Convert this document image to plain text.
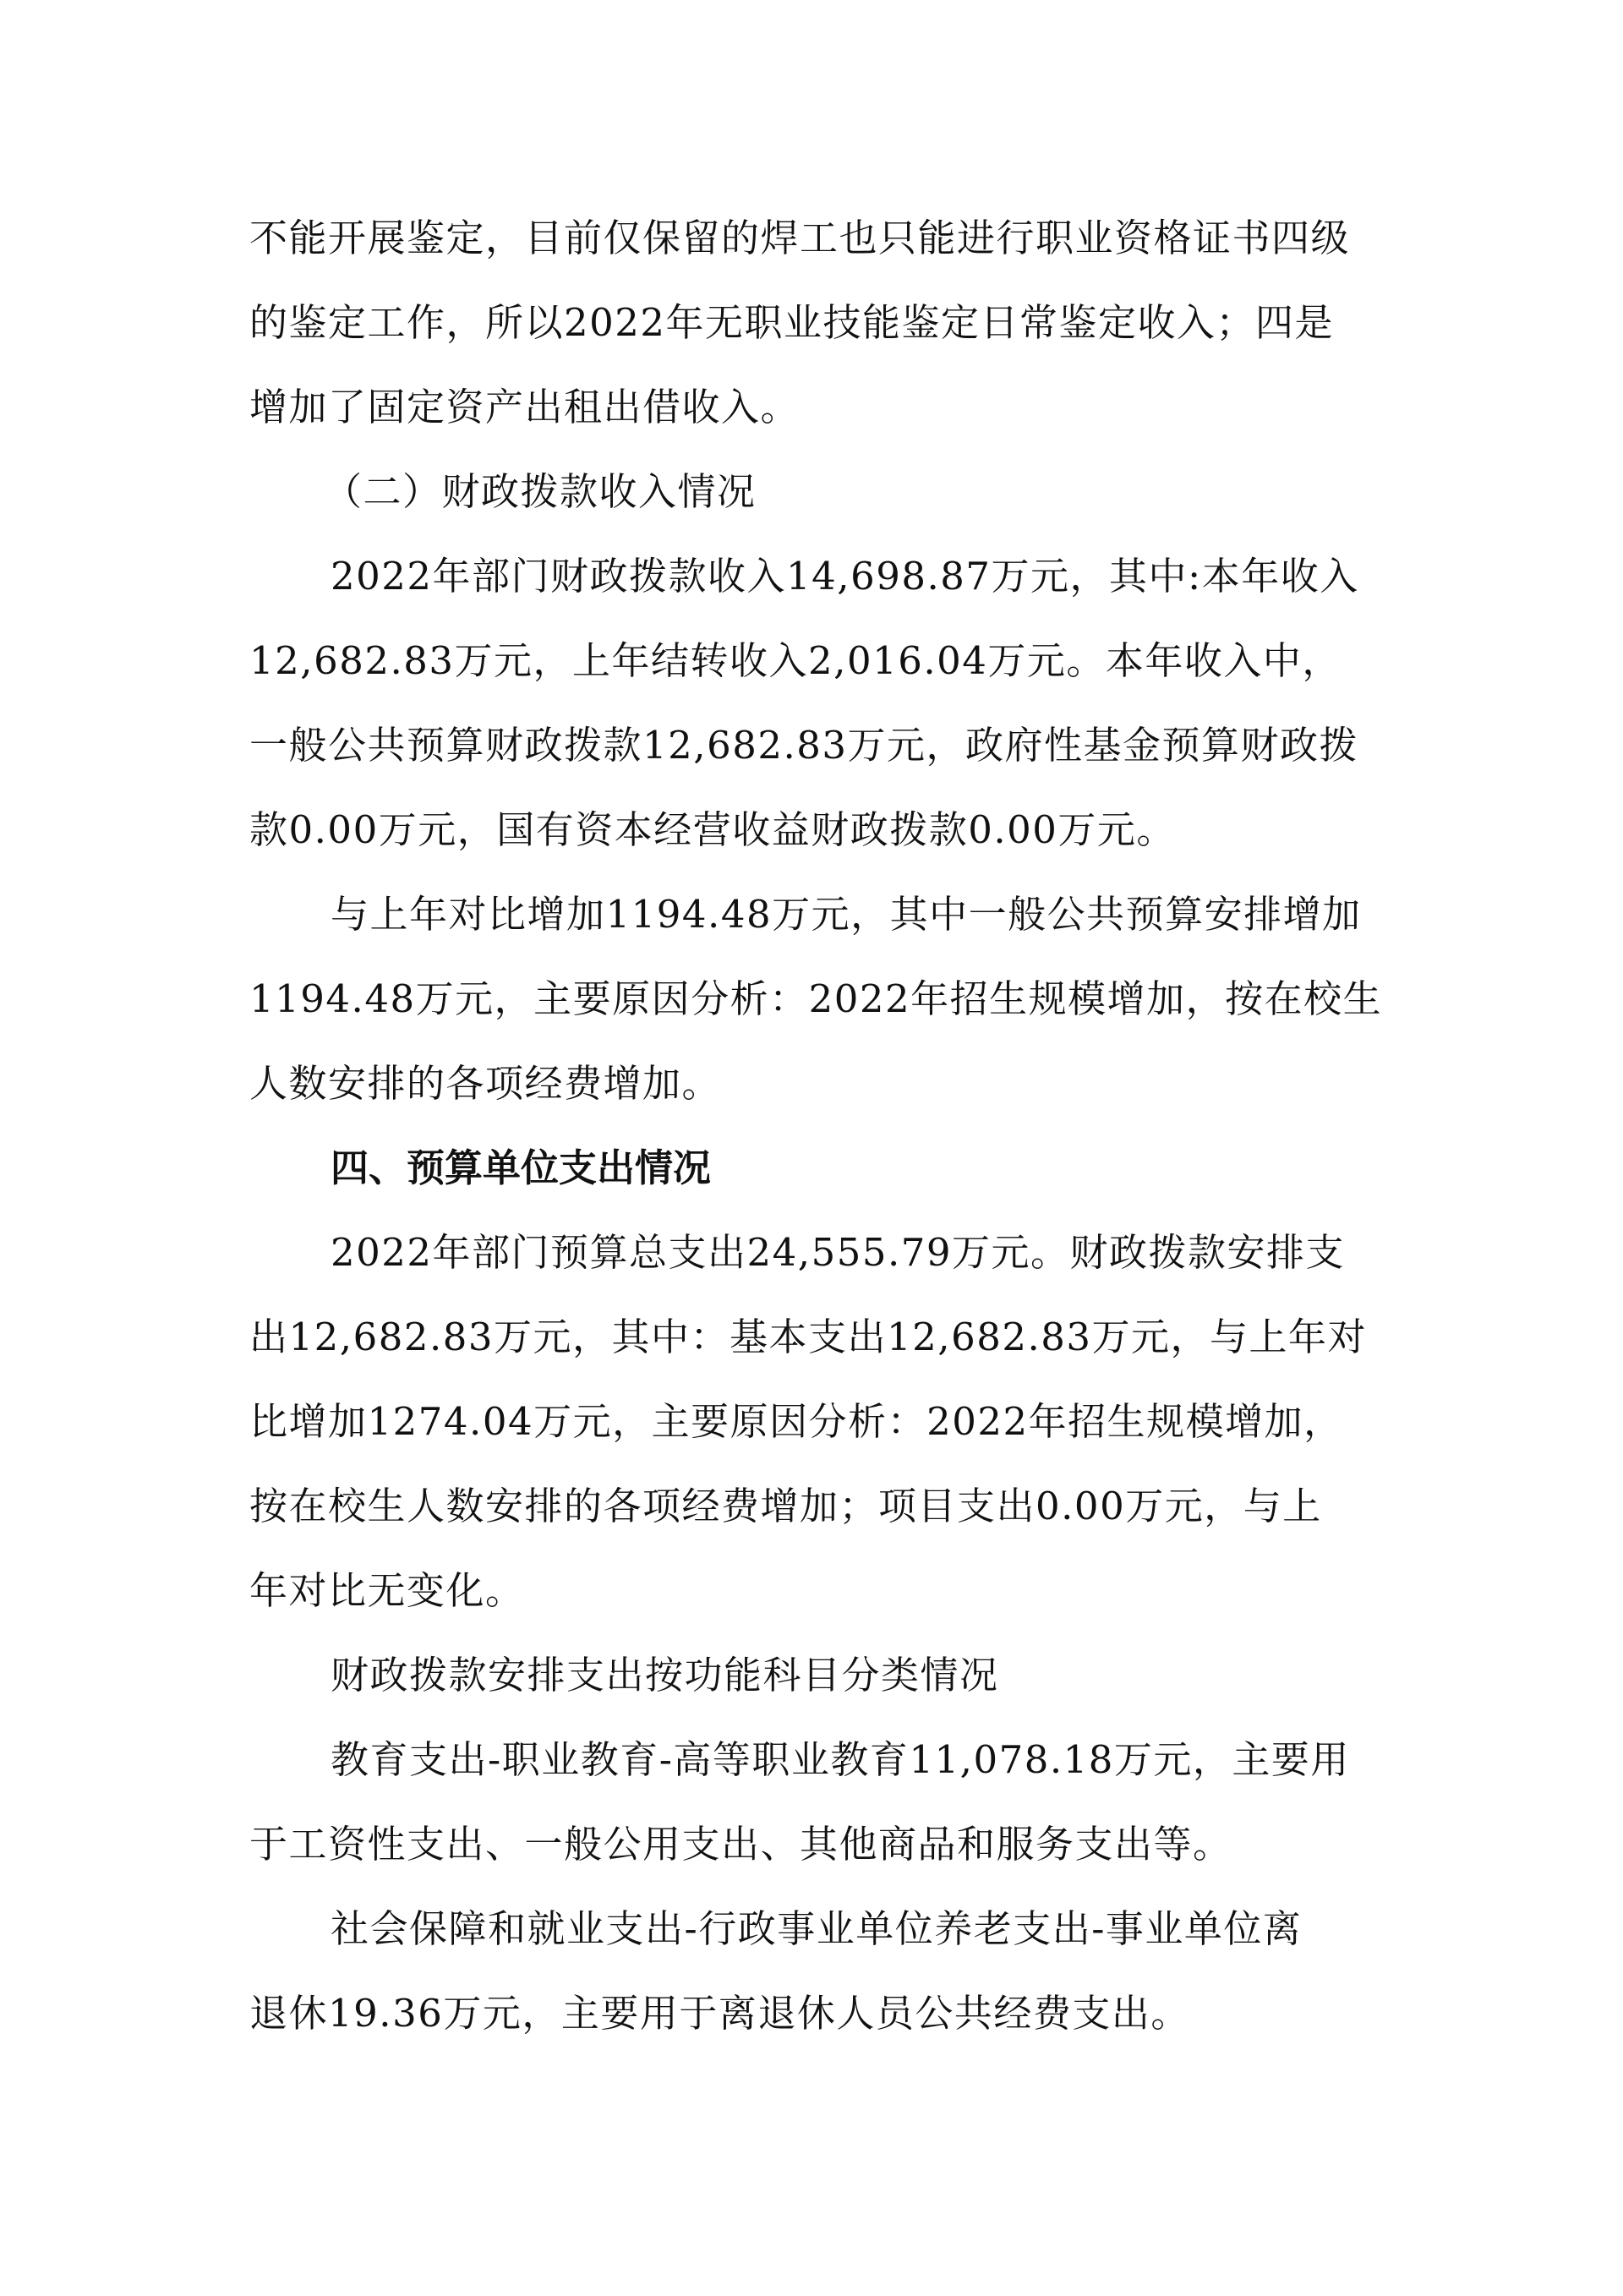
不能开展鉴定，目前仅保留的焊工也只能进行职业资格证书四级
的鉴定工作，所以2022年无职业技能鉴定日常鉴定收入；四是
增加了固定资产出租出借收入。
（二）财政拨款收入情况
2022年部门财政拨款收入14,698.87万元，其中:本年收入
12,682.83万元，上年结转收入2,016.04万元。本年收入中，
一般公共预算财政拨款12,682.83万元，政府性基金预算财政拨
款0.00万元，国有资本经营收益财政拨款0.00万元。
与上年对比增加1194.48万元，其中一般公共预算安排增加
1194.48万元，主要原因分析：2022年招生规模增加，按在校生
人数安排的各项经费增加。
四、预算单位支出情况
2022年部门预算总支出24,555.79万元。财政拨款安排支
出12,682.83万元，其中：基本支出12,682.83万元，与上年对
比增加1274.04万元，主要原因分析：2022年招生规模增加，
按在校生人数安排的各项经费增加；项目支出0.00万元，与上
年对比无变化。
财政拨款安排支出按功能科目分类情况
教育支出-职业教育-高等职业教育11,078.18万元，主要用
于工资性支出、一般公用支出、其他商品和服务支出等。
社会保障和就业支出-行政事业单位养老支出-事业单位离
退休19.36万元，主要用于离退休人员公共经费支出。
